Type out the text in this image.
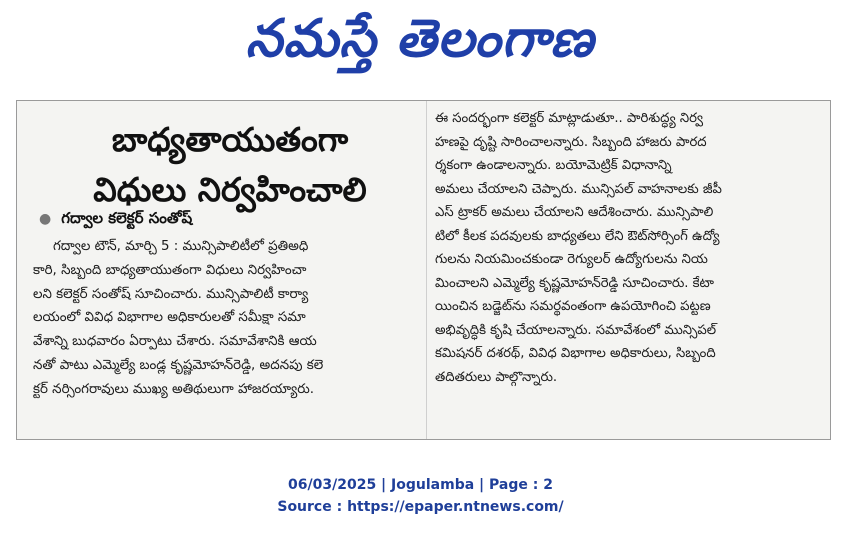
నమస్తే తెలంగాణ
బాధ్యతాయుతంగా
విధులు నిర్వహించాలి
● గద్వాల కలెక్టర్ సంతోష్
గద్వాల టౌన్, మార్చి 5 : మున్సిపాలిటీలో ప్రతిఅధి
కారి, సిబ్బంది బాధ్యతాయుతంగా విధులు నిర్వహించా
లని కలెక్టర్ సంతోష్ సూచించారు. మున్సిపాలిటీ కార్యా
లయంలో వివిధ విభాగాల అధికారులతో సమీక్షా సమా
వేశాన్ని బుధవారం ఏర్పాటు చేశారు. సమావేశానికి ఆయ
నతో పాటు ఎమ్మెల్యే బండ్ల కృష్ణమోహన్‌రెడ్డి, అదనపు కలె
క్టర్ నర్సింగరావులు ముఖ్య అతిథులుగా హాజరయ్యారు.
ఈ సందర్భంగా కలెక్టర్ మాట్లాడుతూ.. పారిశుద్ధ్య నిర్వ
హణపై దృష్టి సారించాలన్నారు. సిబ్బంది హాజరు పారద
ర్శకంగా ఉండాలన్నారు. బయోమెట్రిక్ విధానాన్ని
అమలు చేయాలని చెప్పారు. మున్సిపల్ వాహనాలకు జీపీ
ఎస్ ట్రాకర్ అమలు చేయాలని ఆదేశించారు. మున్సిపాలి
టిలో కీలక పదవులకు బాధ్యతలు లేని ఔట్‌సోర్సింగ్ ఉద్యో
గులను నియమించకుండా రెగ్యులర్ ఉద్యోగులను నియ
మించాలని ఎమ్మెల్యే కృష్ణమోహన్‌రెడ్డి సూచించారు. కేటా
యించిన బడ్జెట్‌ను సమర్థవంతంగా ఉపయోగించి పట్టణ
అభివృద్ధికి కృషి చేయాలన్నారు. సమావేశంలో మున్సిపల్
కమిషనర్ దశరథ్, వివిధ విభాగాల అధికారులు, సిబ్బంది
తదితరులు పాల్గొన్నారు.
06/03/2025 | Jogulamba | Page : 2
Source : https://epaper.ntnews.com/
